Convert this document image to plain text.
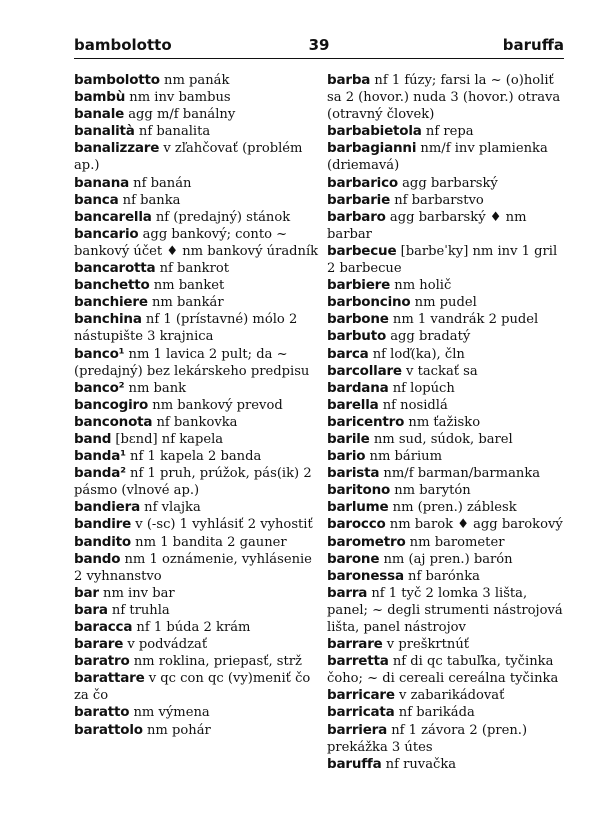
bambolotto	39	baruffa

bambolotto nm panák

bambù nm inv bambus

banale agg m/f banálny

banalità nf banalita

banalizzare v zľahčovať (problém ap.)

banana nf banán

banca nf banka

bancarella nf (predajný) stánok

bancario agg bankový; conto ~ bankový účet ♦ nm bankový úradník

bancarotta nf bankrot

banchetto nm banket

banchiere nm bankár

banchina nf 1 (prístavné) mólo 2 nástupište 3 krajnica

banco¹ nm 1 lavica 2 pult; da ~ (predajný) bez lekárskeho predpisu

banco² nm bank

bancogiro nm bankový prevod

banconota nf bankovka

band [bɛnd] nf kapela

banda¹ nf 1 kapela 2 banda

banda² nf 1 pruh, prúžok, pás(ik) 2 pásmo (vlnové ap.)

bandiera nf vlajka

bandire v (-sc) 1 vyhlásiť 2 vyhostiť

bandito nm 1 bandita 2 gauner

bando nm 1 oznámenie, vyhlásenie 2 vyhnanstvo

bar nm inv bar

bara nf truhla

baracca nf 1 búda 2 krám

barare v podvádzať

baratro nm roklina, priepasť, strž

barattare v qc con qc (vy)meniť čo za čo

baratto nm výmena

barattolo nm pohár

barba nf 1 fúzy; farsi la ~ (o)holiť sa 2 (hovor.) nuda 3 (hovor.) otrava (otravný človek)

barbabietola nf repa

barbagianni nm/f inv plamienka (driemavá)

barbarico agg barbarský

barbarie nf barbarstvo

barbaro agg barbarský ♦ nm barbar

barbecue [barbeˈky] nm inv 1 gril 2 barbecue

barbiere nm holič

barboncino nm pudel

barbone nm 1 vandrák 2 pudel

barbuto agg bradatý

barca nf loď(ka), čln

barcollare v tackať sa

bardana nf lopúch

barella nf nosidlá

baricentro nm ťažisko

barile nm sud, súdok, barel

bario nm bárium

barista nm/f barman/barmanka

baritono nm barytón

barlume nm (pren.) záblesk

barocco nm barok ♦ agg barokový

barometro nm barometer

barone nm (aj pren.) barón

baronessa nf barónka

barra nf 1 tyč 2 lomka 3 lišta, panel; ~ degli strumenti nástrojová lišta, panel nástrojov

barrare v preškrtnúť

barretta nf di qc tabuľka, tyčinka čoho; ~ di cereali cereálna tyčinka

barricare v zabarikádovať

barricata nf barikáda

barriera nf 1 závora 2 (pren.) prekážka 3 útes

baruffa nf ruvačka
